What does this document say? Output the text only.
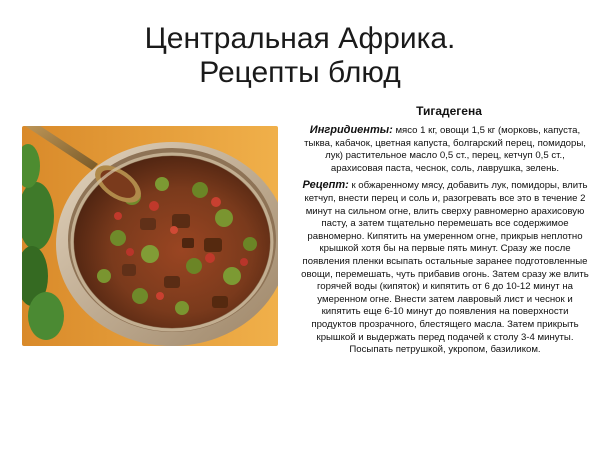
Центральная Африка.
Рецепты блюд
Тигадегена

Ингридиенты: мясо 1 кг, овощи 1,5 кг (морковь, капуста, тыква, кабачок, цветная капуста, болгарский перец, помидоры, лук) растительное масло 0,5 ст., перец, кетчуп 0,5 ст., арахисовая паста, чеснок, соль, лаврушка, зелень.

Рецепт: к обжаренному мясу, добавить лук, помидоры, влить кетчуп, внести перец и соль и, разогревать все это в течение 2 минут на сильном огне, влить сверху равномерно арахисовую пасту, а затем тщательно перемешать все содержимое равномерно. Кипятить на умеренном огне, прикрыв неплотно крышкой хотя бы на первые пять минут. Сразу же после появления пленки всыпать остальные заранее подготовленные овощи, перемешать, чуть прибавив огонь. Затем сразу же влить горячей воды (кипяток) и кипятить от 6 до 10-12 минут на умеренном огне. Внести затем лавровый лист и чеснок и кипятить еще 6-10 минут до появления на поверхности продуктов прозрачного, блестящего масла. Затем прикрыть крышкой и выдержать перед подачей к столу 3-4 минуты. Посыпать петрушкой, укропом, базиликом.
